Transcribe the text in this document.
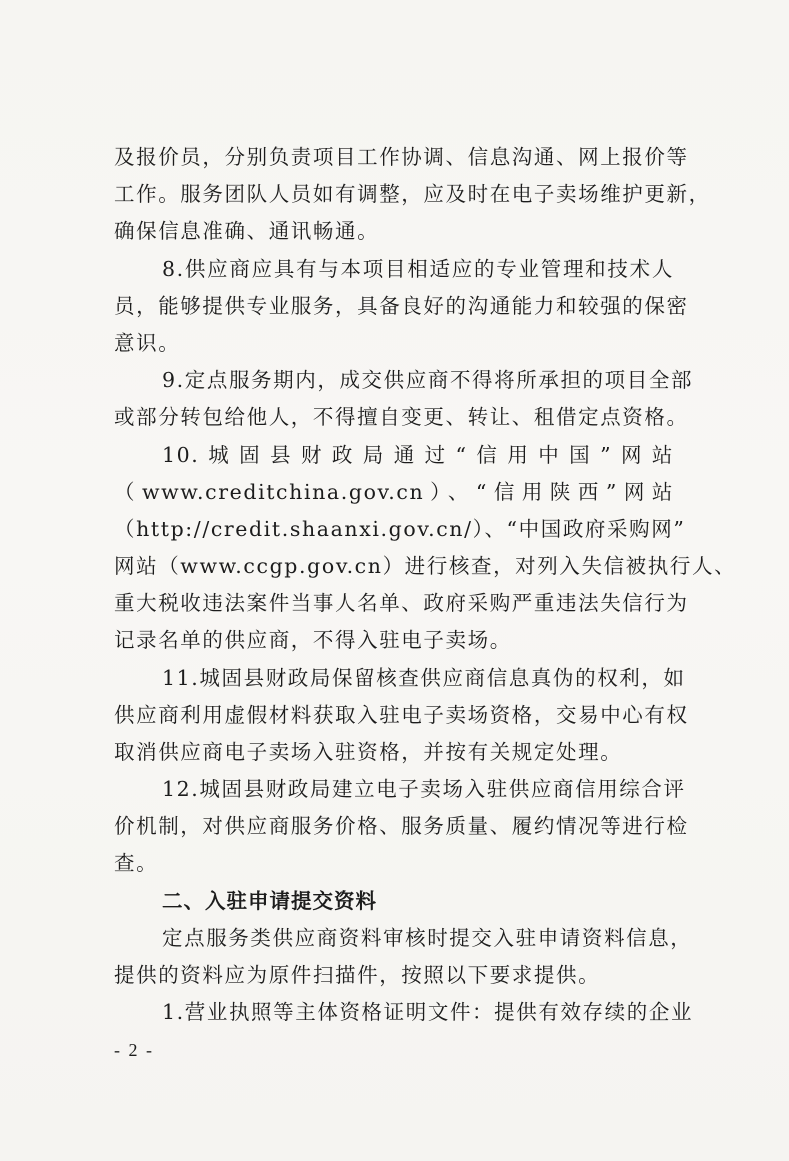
及报价员，分别负责项目工作协调、信息沟通、网上报价等
工作。服务团队人员如有调整，应及时在电子卖场维护更新，
确保信息准确、通讯畅通。
8.供应商应具有与本项目相适应的专业管理和技术人
员，能够提供专业服务，具备良好的沟通能力和较强的保密
意识。
9.定点服务期内，成交供应商不得将所承担的项目全部
或部分转包给他人，不得擅自变更、转让、租借定点资格。
10.城固县财政局通过“信用中国”网站
（www.creditchina.gov.cn）、“信用陕西”网站
（http://credit.shaanxi.gov.cn/）、“中国政府采购网”
网站（www.ccgp.gov.cn）进行核查，对列入失信被执行人、
重大税收违法案件当事人名单、政府采购严重违法失信行为
记录名单的供应商，不得入驻电子卖场。
11.城固县财政局保留核查供应商信息真伪的权利，如
供应商利用虚假材料获取入驻电子卖场资格，交易中心有权
取消供应商电子卖场入驻资格，并按有关规定处理。
12.城固县财政局建立电子卖场入驻供应商信用综合评
价机制，对供应商服务价格、服务质量、履约情况等进行检
查。
二、入驻申请提交资料
定点服务类供应商资料审核时提交入驻申请资料信息，
提供的资料应为原件扫描件，按照以下要求提供。
1.营业执照等主体资格证明文件：提供有效存续的企业
- 2 -
